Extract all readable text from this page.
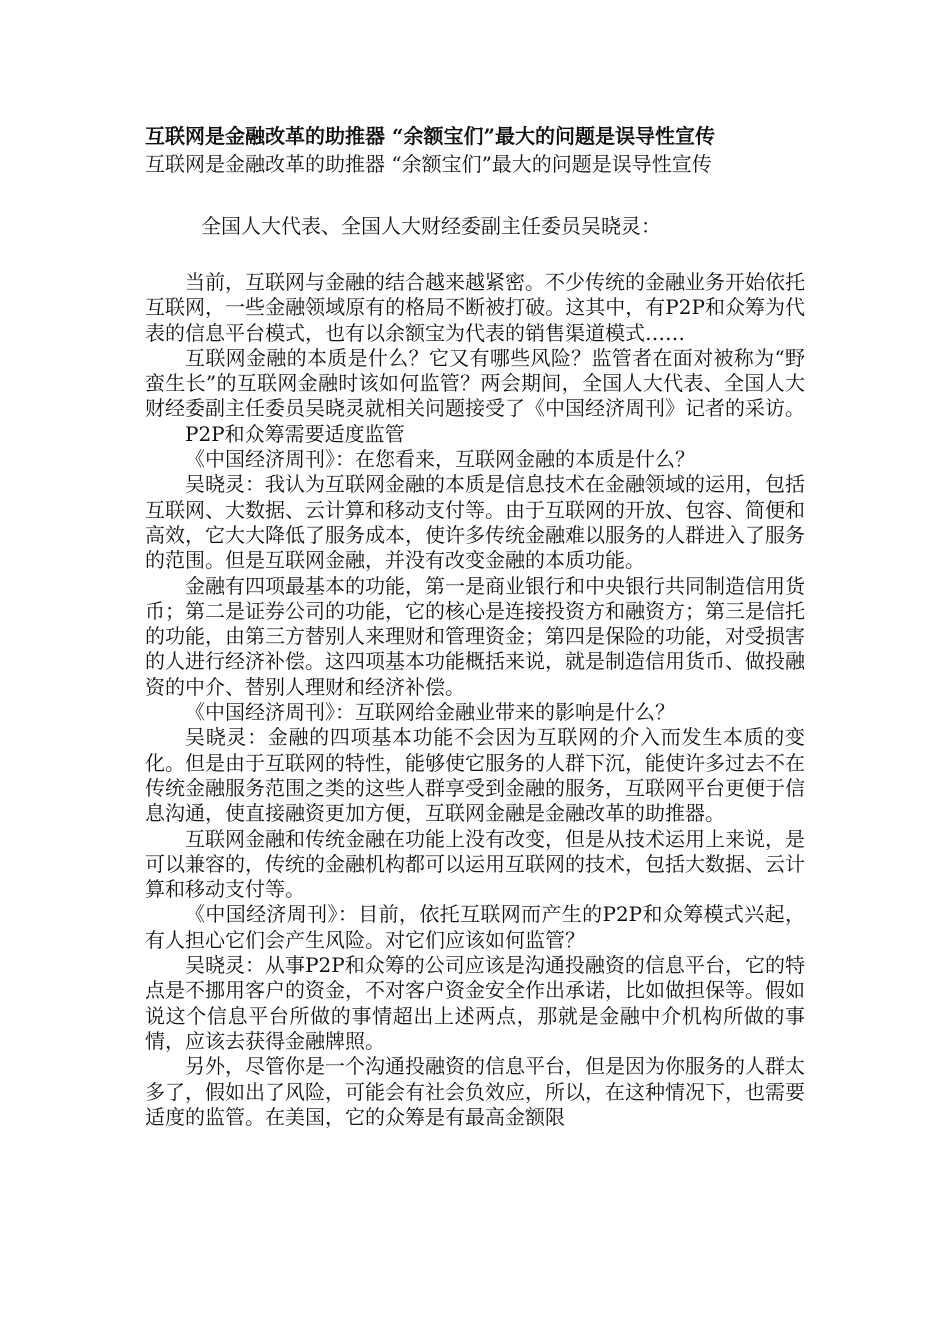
互联网是金融改革的助推器 “余额宝们”最大的问题是误导性宣传
互联网是金融改革的助推器 “余额宝们”最大的问题是误导性宣传
全国人大代表、全国人大财经委副主任委员吴晓灵：

当前，互联网与金融的结合越来越紧密。不少传统的金融业务开始依托互联网，一些金融领域原有的格局不断被打破。这其中，有P2P和众筹为代表的信息平台模式，也有以余额宝为代表的销售渠道模式……

互联网金融的本质是什么？它又有哪些风险？监管者在面对被称为“野蛮生长”的互联网金融时该如何监管？两会期间，全国人大代表、全国人大财经委副主任委员吴晓灵就相关问题接受了《中国经济周刊》记者的采访。

P2P和众筹需要适度监管

《中国经济周刊》：在您看来，互联网金融的本质是什么？

吴晓灵：我认为互联网金融的本质是信息技术在金融领域的运用，包括互联网、大数据、云计算和移动支付等。由于互联网的开放、包容、简便和高效，它大大降低了服务成本，使许多传统金融难以服务的人群进入了服务的范围。但是互联网金融，并没有改变金融的本质功能。

金融有四项最基本的功能，第一是商业银行和中央银行共同制造信用货币；第二是证券公司的功能，它的核心是连接投资方和融资方；第三是信托的功能，由第三方替别人来理财和管理资金；第四是保险的功能，对受损害的人进行经济补偿。这四项基本功能概括来说，就是制造信用货币、做投融资的中介、替别人理财和经济补偿。

《中国经济周刊》：互联网给金融业带来的影响是什么？

吴晓灵：金融的四项基本功能不会因为互联网的介入而发生本质的变化。但是由于互联网的特性，能够使它服务的人群下沉，能使许多过去不在传统金融服务范围之类的这些人群享受到金融的服务，互联网平台更便于信息沟通，使直接融资更加方便，互联网金融是金融改革的助推器。

互联网金融和传统金融在功能上没有改变，但是从技术运用上来说，是可以兼容的，传统的金融机构都可以运用互联网的技术，包括大数据、云计算和移动支付等。

《中国经济周刊》：目前，依托互联网而产生的P2P和众筹模式兴起，有人担心它们会产生风险。对它们应该如何监管？

吴晓灵：从事P2P和众筹的公司应该是沟通投融资的信息平台，它的特点是不挪用客户的资金，不对客户资金安全作出承诺，比如做担保等。假如说这个信息平台所做的事情超出上述两点，那就是金融中介机构所做的事情，应该去获得金融牌照。

另外，尽管你是一个沟通投融资的信息平台，但是因为你服务的人群太多了，假如出了风险，可能会有社会负效应，所以，在这种情况下，也需要适度的监管。在美国，它的众筹是有最高金额限
